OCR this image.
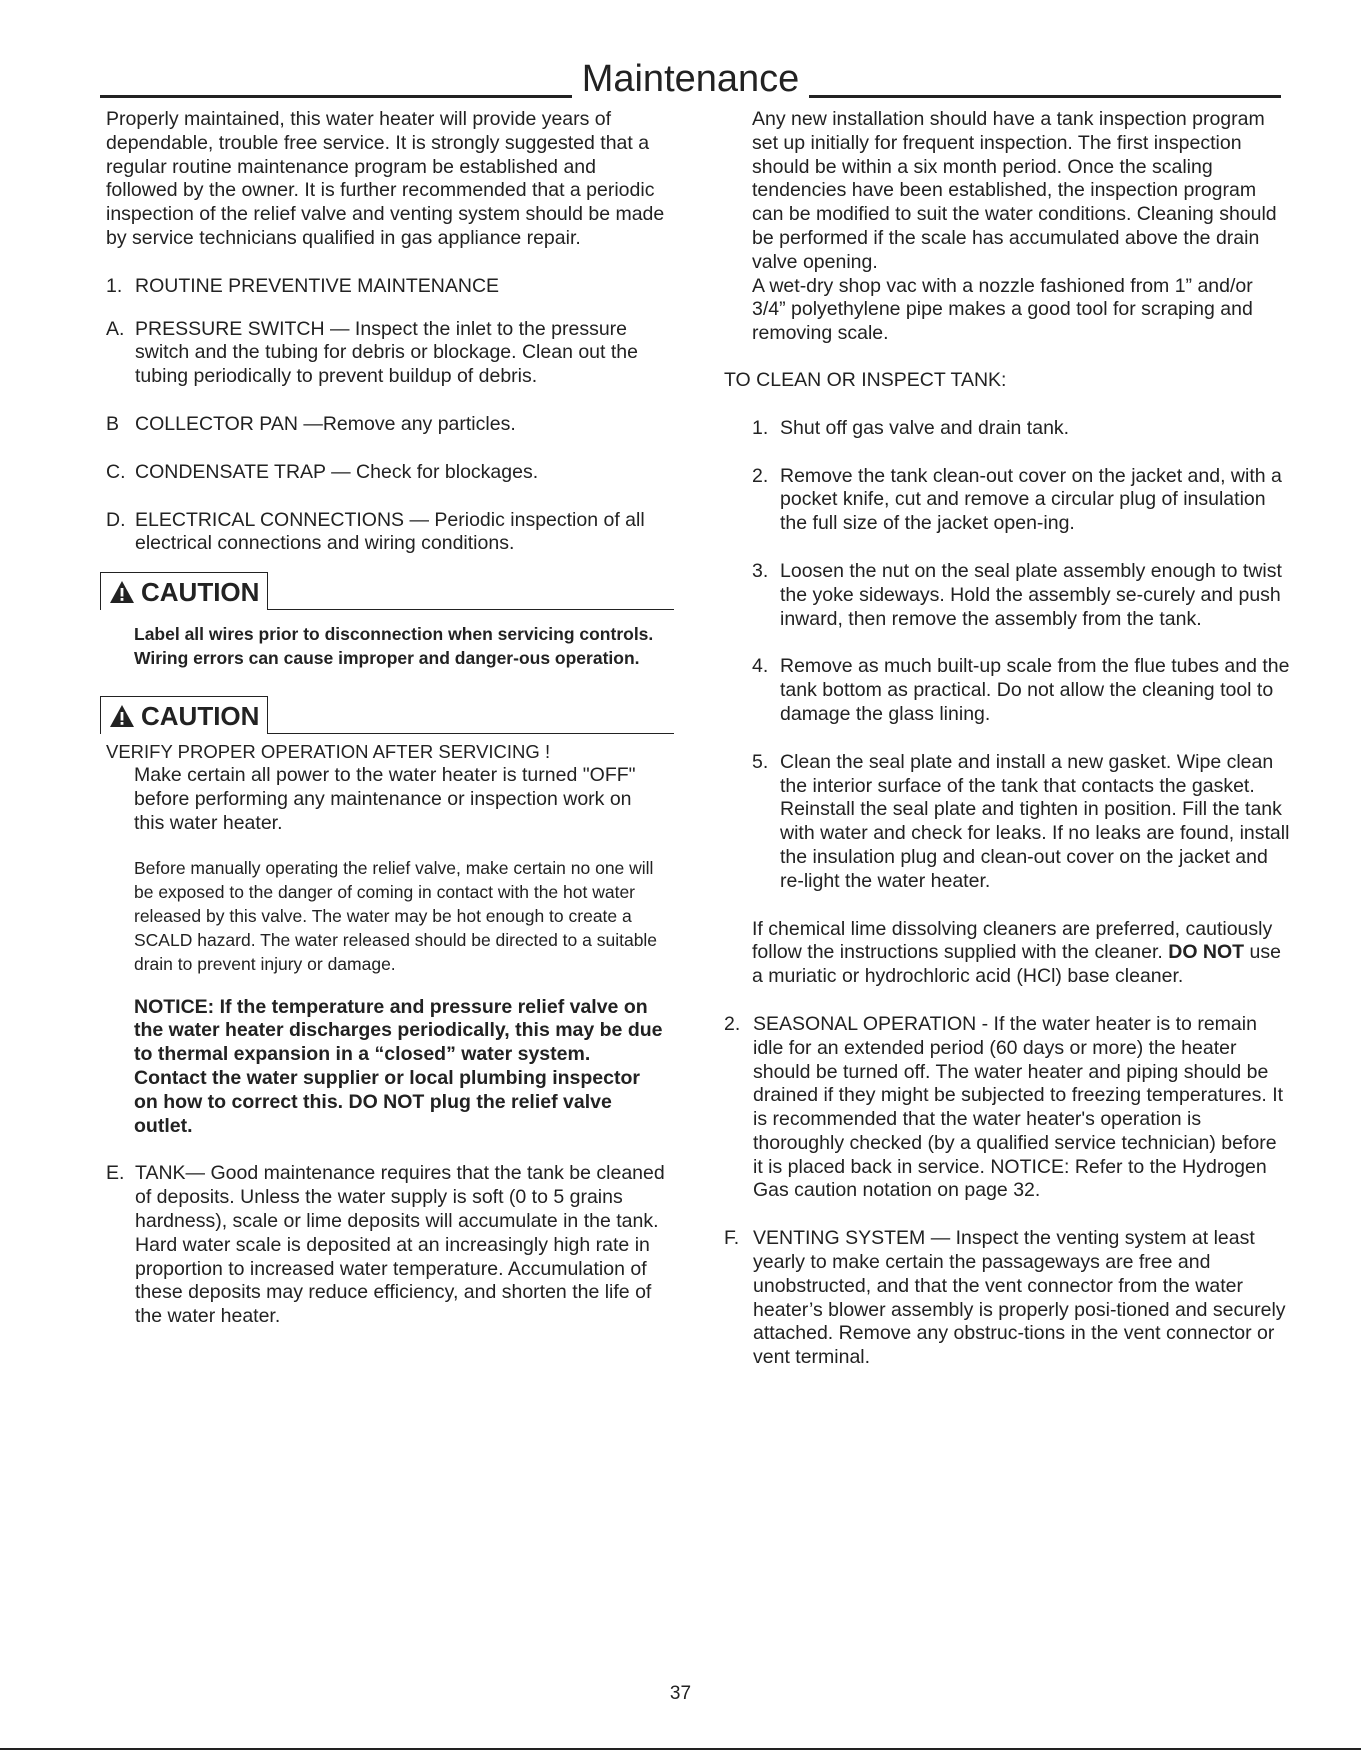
Maintenance

Properly maintained, this water heater will provide years of dependable, trouble free service. It is strongly suggested that a regular routine maintenance program be established and followed by the owner. It is further recommended that a periodic inspection of the relief valve and venting system should be made by service technicians qualified in gas appliance repair.

1. ROUTINE PREVENTIVE MAINTENANCE
A. PRESSURE SWITCH — Inspect the inlet to the pressure switch and the tubing for debris or blockage. Clean out the tubing periodically to prevent buildup of debris.
B COLLECTOR PAN —Remove any particles.
C. CONDENSATE TRAP — Check for blockages.
D. ELECTRICAL CONNECTIONS — Periodic inspection of all electrical connections and wiring conditions.
CAUTION

Label all wires prior to disconnection when servicing controls. Wiring errors can cause improper and danger-ous operation.

CAUTION

VERIFY PROPER OPERATION AFTER SERVICING !

Make certain all power to the water heater is turned "OFF" before performing any maintenance or inspection work on this water heater.

Before manually operating the relief valve, make certain no one will be exposed to the danger of coming in contact with the hot water released by this valve. The water may be hot enough to create a SCALD hazard. The water released should be directed to a suitable drain to prevent injury or damage.

NOTICE: If the temperature and pressure relief valve on the water heater discharges periodically, this may be due to thermal expansion in a “closed” water system. Contact the water supplier or local plumbing inspector on how to correct this. DO NOT plug the relief valve outlet.

E. TANK— Good maintenance requires that the tank be cleaned of deposits. Unless the water supply is soft (0 to 5 grains hardness), scale or lime deposits will accumulate in the tank. Hard water scale is deposited at an increasingly high rate in proportion to increased water temperature. Accumulation of these deposits may reduce efficiency, and shorten the life of the water heater.

Any new installation should have a tank inspection program set up initially for frequent inspection. The first inspection should be within a six month period. Once the scaling tendencies have been established, the inspection program can be modified to suit the water conditions. Cleaning should be performed if the scale has accumulated above the drain valve opening.

A wet-dry shop vac with a nozzle fashioned from 1” and/or 3/4” polyethylene pipe makes a good tool for scraping and removing scale.

TO CLEAN OR INSPECT TANK:

1. Shut off gas valve and drain tank.
2. Remove the tank clean-out cover on the jacket and, with a pocket knife, cut and remove a circular plug of insulation the full size of the jacket open-ing.
3. Loosen the nut on the seal plate assembly enough to twist the yoke sideways. Hold the assembly se-curely and push inward, then remove the assembly from the tank.
4. Remove as much built-up scale from the flue tubes and the tank bottom as practical. Do not allow the cleaning tool to damage the glass lining.
5. Clean the seal plate and install a new gasket. Wipe clean the interior surface of the tank that contacts the gasket. Reinstall the seal plate and tighten in position. Fill the tank with water and check for leaks. If no leaks are found, install the insulation plug and clean-out cover on the jacket and re-light the water heater.

If chemical lime dissolving cleaners are preferred, cautiously follow the instructions supplied with the cleaner. DO NOT use a muriatic or hydrochloric acid (HCl) base cleaner.

2. SEASONAL OPERATION - If the water heater is to remain idle for an extended period (60 days or more) the heater should be turned off. The water heater and piping should be drained if they might be subjected to freezing temperatures. It is recommended that the water heater's operation is thoroughly checked (by a qualified service technician) before it is placed back in service. NOTICE: Refer to the Hydrogen Gas caution notation on page 32.
F. VENTING SYSTEM — Inspect the venting system at least yearly to make certain the passageways are free and unobstructed, and that the vent connector from the water heater’s blower assembly is properly posi-tioned and securely attached. Remove any obstruc-tions in the vent connector or vent terminal.
37
